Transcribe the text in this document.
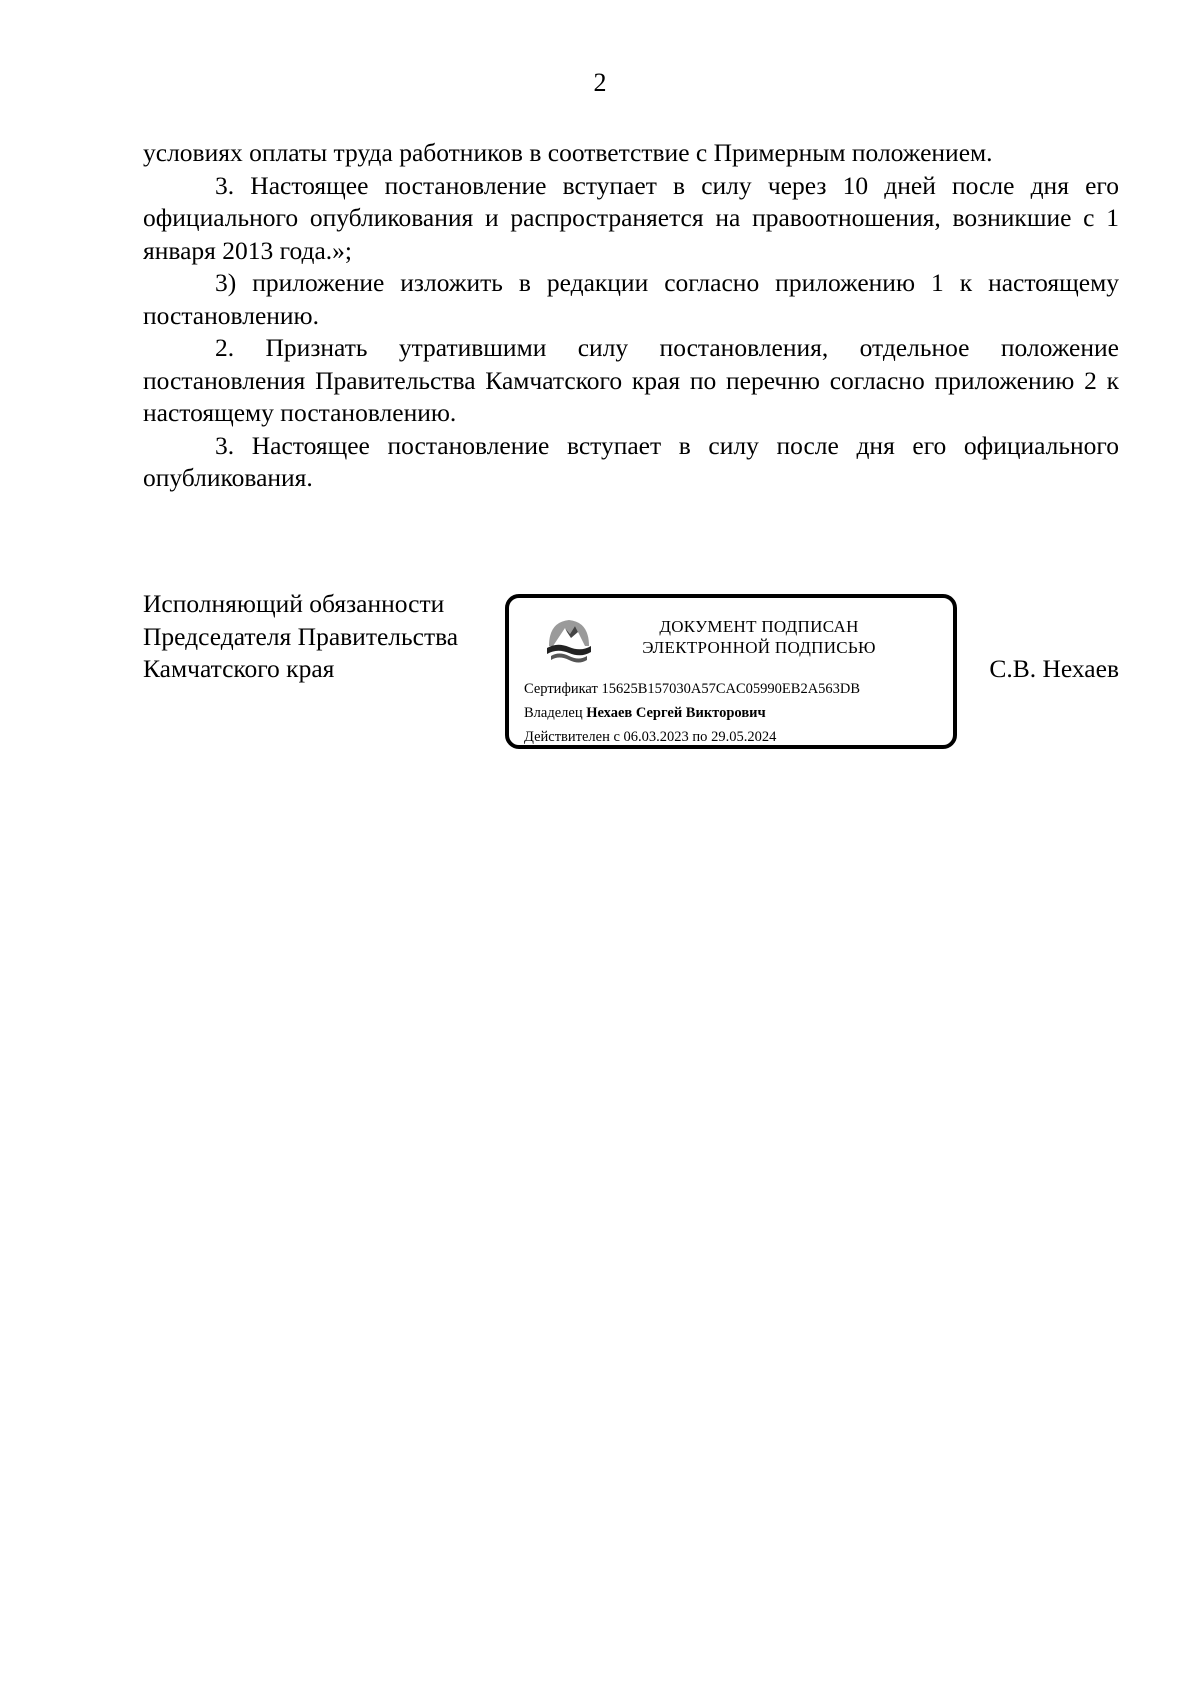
2

условиях оплаты труда работников в соответствие с Примерным положением.

3. Настоящее постановление вступает в силу через 10 дней после дня его официального опубликования и распространяется на правоотношения, возникшие с 1 января 2013 года.»;

3) приложение изложить в редакции согласно приложению 1 к настоящему постановлению.

2. Признать утратившими силу постановления, отдельное положение постановления Правительства Камчатского края по перечню согласно приложению 2 к настоящему постановлению.

3. Настоящее постановление вступает в силу после дня его официального опубликования.

Исполняющий обязанности
Председателя Правительства
Камчатского края
ДОКУМЕНТ ПОДПИСАН
ЭЛЕКТРОННОЙ ПОДПИСЬЮ
Сертификат 15625B157030A57CAC05990EB2A563DB
Владелец Нехаев Сергей Викторович
Действителен с 06.03.2023 по 29.05.2024
С.В. Нехаев
